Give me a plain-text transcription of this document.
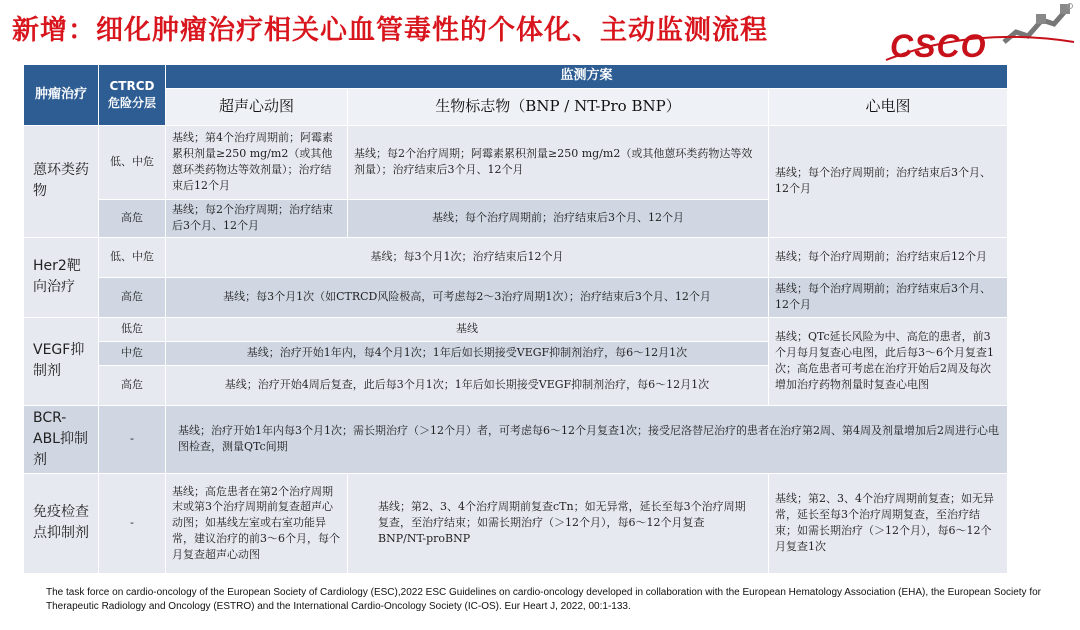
新增：细化肿瘤治疗相关心血管毒性的个体化、主动监测流程	CSCO
肿瘤治疗	CTRCD危险分层	监测方案		
		超声心动图	生物标志物（BNP / NT-Pro BNP）	心电图
蒽环类药物	低、中危	基线；第4个治疗周期前；阿霉素累积剂量≥250 mg/m2（或其他蒽环类药物达等效剂量）；治疗结束后12个月	基线；每2个治疗周期；阿霉素累积剂量≥250 mg/m2（或其他蒽环类药物达等效剂量）；治疗结束后3个月、12个月	基线；每个治疗周期前；治疗结束后3个月、12个月
	高危	基线；每2个治疗周期；治疗结束后3个月、12个月	基线；每个治疗周期前；治疗结束后3个月、12个月	
Her2靶向治疗	低、中危	基线；每3个月1次；治疗结束后12个月		基线；每个治疗周期前；治疗结束后12个月
	高危	基线；每3个月1次（如CTRCD风险极高，可考虑每2～3治疗周期1次）；治疗结束后3个月、12个月		基线；每个治疗周期前；治疗结束后3个月、12个月
VEGF抑制剂	低危	基线		基线；QTc延长风险为中、高危的患者，前3个月每月复查心电图，此后每3～6个月复查1次；高危患者可考虑在治疗开始后2周及每次增加治疗药物剂量时复查心电图
	中危	基线；治疗开始1年内，每4个月1次；1年后如长期接受VEGF抑制剂治疗，每6～12月1次		
	高危	基线；治疗开始4周后复查，此后每3个月1次；1年后如长期接受VEGF抑制剂治疗，每6～12月1次		
BCR-ABL抑制剂	-	基线；治疗开始1年内每3个月1次；需长期治疗（＞12个月）者，可考虑每6～12个月复查1次；接受尼洛替尼治疗的患者在治疗第2周、第4周及剂量增加后2周进行心电图检查，测量QTc间期		
免疫检查点抑制剂	-	基线；高危患者在第2个治疗周期末或第3个治疗周期前复查超声心动图；如基线左室或右室功能异常，建议治疗的前3～6个月，每个月复查超声心动图	基线；第2、3、4个治疗周期前复查cTn；如无异常，延长至每3个治疗周期复查，至治疗结束；如需长期治疗（＞12个月），每6～12个月复查BNP/NT-proBNP	基线；第2、3、4个治疗周期前复查；如无异常，延长至每3个治疗周期复查，至治疗结束；如需长期治疗（＞12个月），每6～12个月复查1次
The task force on cardio-oncology of the European Society of Cardiology (ESC),2022 ESC Guidelines on cardio-oncology developed in collaboration with the European Hematology Association (EHA), the European Society for Therapeutic Radiology and Oncology (ESTRO) and the International Cardio-Oncology Society (IC-OS). Eur Heart J, 2022, 00:1-133.
